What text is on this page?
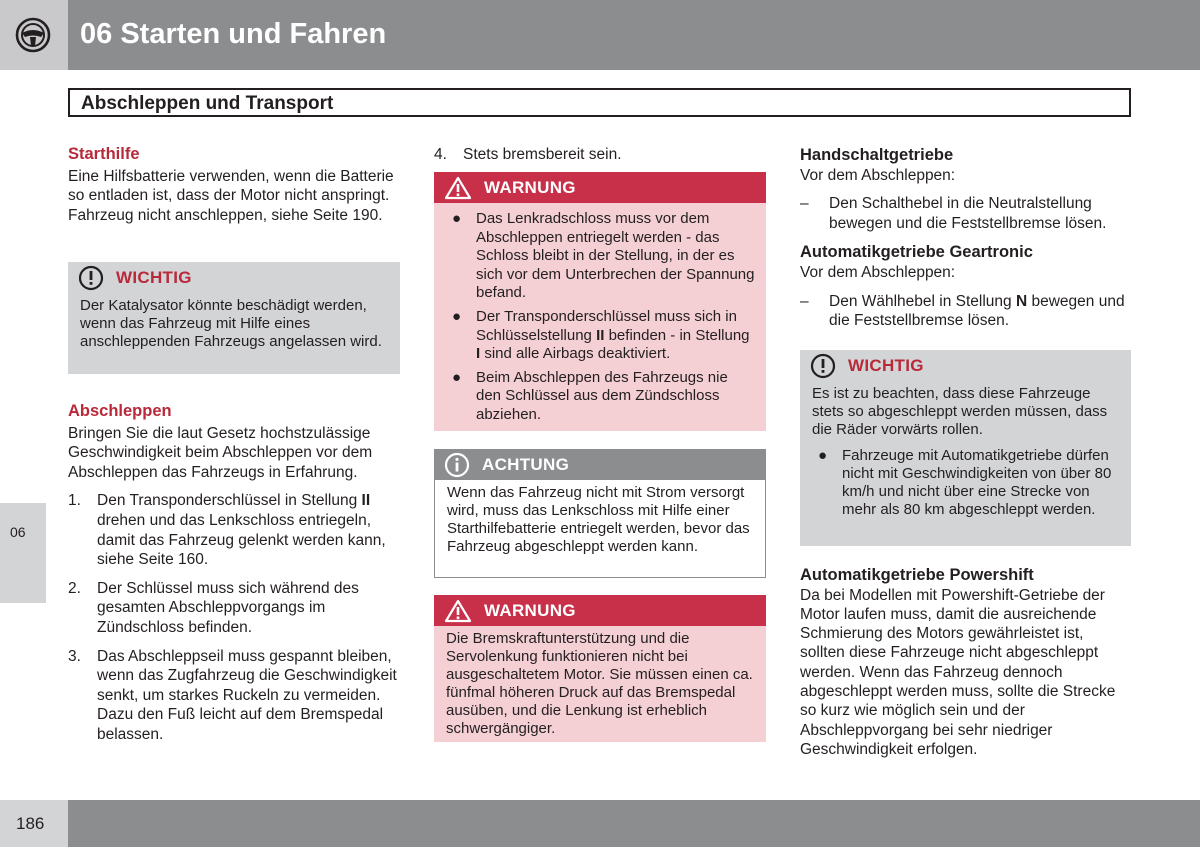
06 Starten und Fahren
Abschleppen und Transport
06
186
Starthilfe

Eine Hilfsbatterie verwenden, wenn die Batterie so entladen ist, dass der Motor nicht anspringt. Fahrzeug nicht anschleppen, siehe Seite 190.

WICHTIG
Der Katalysator könnte beschädigt werden, wenn das Fahrzeug mit Hilfe eines anschleppenden Fahrzeugs angelassen wird.
Abschleppen

Bringen Sie die laut Gesetz hochstzulässige Geschwindigkeit beim Abschleppen vor dem Abschleppen das Fahrzeugs in Erfahrung.

1.	Den Transponderschlüssel in Stellung II drehen und das Lenkschloss entriegeln, damit das Fahrzeug gelenkt werden kann, siehe Seite 160.
2.	Der Schlüssel muss sich während des gesamten Abschleppvorgangs im Zündschloss befinden.
3.	Das Abschleppseil muss gespannt bleiben, wenn das Zugfahrzeug die Geschwindigkeit senkt, um starkes Ruckeln zu vermeiden. Dazu den Fuß leicht auf dem Bremspedal belassen.
4.	Stets bremsbereit sein.
WARNUNG
● Das Lenkradschloss muss vor dem Abschleppen entriegelt werden - das Schloss bleibt in der Stellung, in der es sich vor dem Unterbrechen der Spannung befand.
● Der Transponderschlüssel muss sich in Schlüsselstellung II befinden - in Stellung I sind alle Airbags deaktiviert.
● Beim Abschleppen des Fahrzeugs nie den Schlüssel aus dem Zündschloss abziehen.
ACHTUNG
Wenn das Fahrzeug nicht mit Strom versorgt wird, muss das Lenkschloss mit Hilfe einer Starthilfebatterie entriegelt werden, bevor das Fahrzeug abgeschleppt werden kann.
WARNUNG
Die Bremskraftunterstützung und die Servolenkung funktionieren nicht bei ausgeschaltetem Motor. Sie müssen einen ca. fünfmal höheren Druck auf das Bremspedal ausüben, und die Lenkung ist erheblich schwergängiger.
Handschaltgetriebe

Vor dem Abschleppen:

–	Den Schalthebel in die Neutralstellung bewegen und die Feststellbremse lösen.
Automatikgetriebe Geartronic

Vor dem Abschleppen:

–	Den Wählhebel in Stellung N bewegen und die Feststellbremse lösen.
WICHTIG

Es ist zu beachten, dass diese Fahrzeuge stets so abgeschleppt werden müssen, dass die Räder vorwärts rollen.

● Fahrzeuge mit Automatikgetriebe dürfen nicht mit Geschwindigkeiten von über 80 km/h und nicht über eine Strecke von mehr als 80 km abgeschleppt werden.
Automatikgetriebe Powershift

Da bei Modellen mit Powershift-Getriebe der Motor laufen muss, damit die ausreichende Schmierung des Motors gewährleistet ist, sollten diese Fahrzeuge nicht abgeschleppt werden. Wenn das Fahrzeug dennoch abgeschleppt werden muss, sollte die Strecke so kurz wie möglich sein und der Abschleppvorgang bei sehr niedriger Geschwindigkeit erfolgen.
